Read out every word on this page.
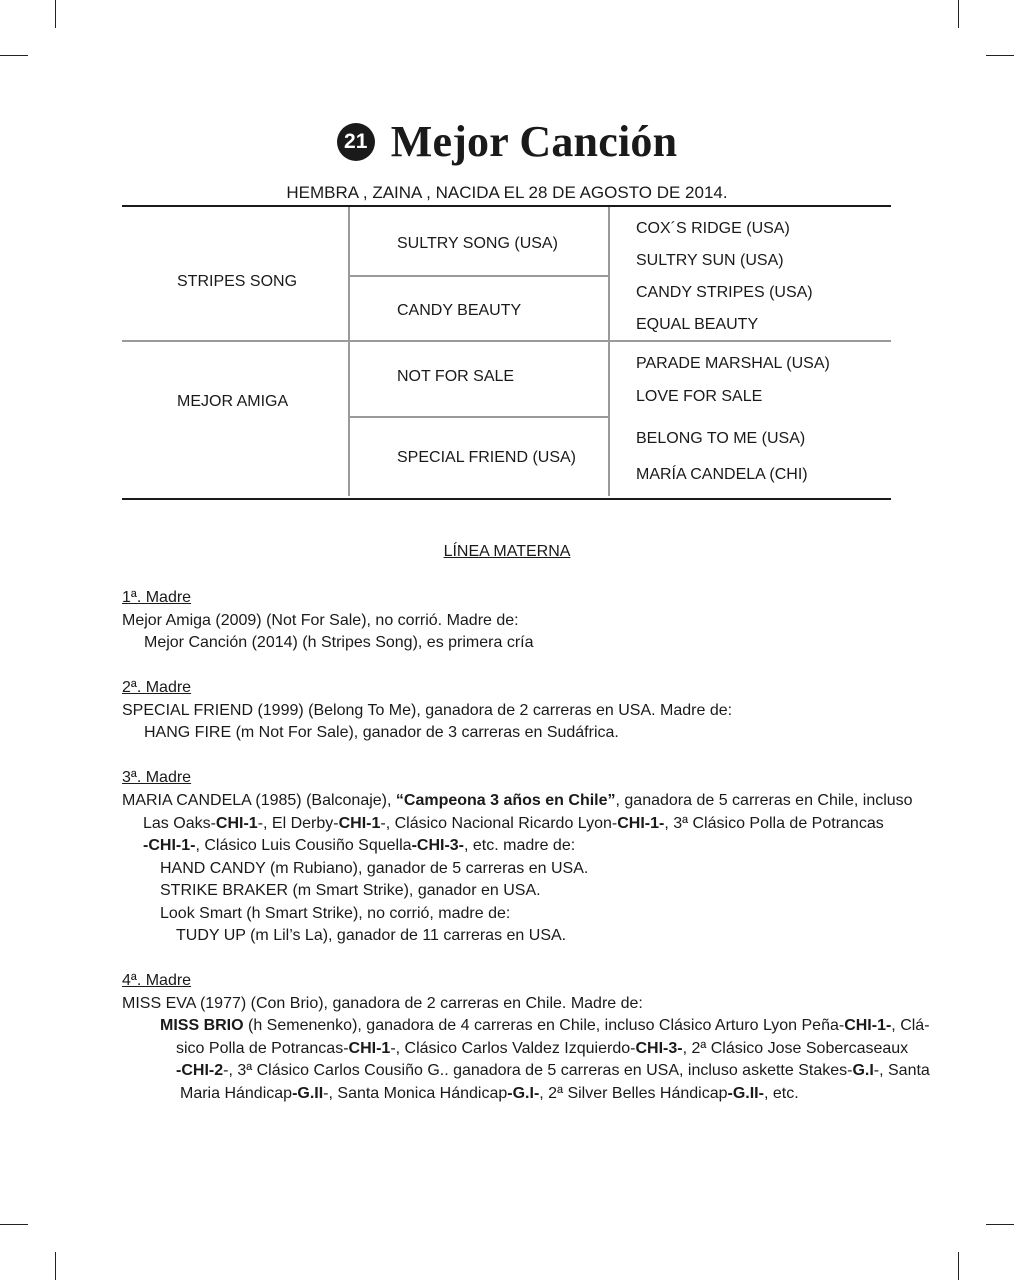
21 Mejor Canción
HEMBRA , ZAINA , NACIDA EL 28 DE AGOSTO DE 2014.
STRIPES SONG
MEJOR AMIGA
SULTRY SONG (USA)
CANDY BEAUTY
NOT FOR SALE
SPECIAL FRIEND (USA)
COX´S RIDGE (USA)
SULTRY SUN (USA)
CANDY STRIPES (USA)
EQUAL BEAUTY
PARADE MARSHAL (USA)
LOVE FOR SALE
BELONG TO ME (USA)
MARÍA CANDELA (CHI)
LÍNEA MATERNA
1ª. Madre
Mejor Amiga (2009) (Not For Sale), no corrió. Madre de:
Mejor Canción (2014) (h Stripes Song), es primera cría
2ª. Madre
SPECIAL FRIEND (1999) (Belong To Me), ganadora de 2 carreras en USA. Madre de:
HANG FIRE (m Not For Sale), ganador de 3 carreras en Sudáfrica.
3ª. Madre
MARIA CANDELA (1985) (Balconaje), “Campeona 3 años en Chile”, ganadora de 5 carreras en Chile, incluso
Las Oaks-CHI-1-, El Derby-CHI-1-, Clásico Nacional Ricardo Lyon-CHI-1-, 3ª Clásico Polla de Potrancas
-CHI-1-, Clásico Luis Cousiño Squella-CHI-3-, etc. madre de:
HAND CANDY (m Rubiano), ganador de 5 carreras en USA.
STRIKE BRAKER (m Smart Strike), ganador en USA.
Look Smart (h Smart Strike), no corrió, madre de:
TUDY UP (m Lil’s La), ganador de 11 carreras en USA.
4ª. Madre
MISS EVA (1977) (Con Brio), ganadora de 2 carreras en Chile. Madre de:
MISS BRIO (h Semenenko), ganadora de 4 carreras en Chile, incluso Clásico Arturo Lyon Peña-CHI-1-, Clá-
sico Polla de Potrancas-CHI-1-, Clásico Carlos Valdez Izquierdo-CHI-3-, 2ª Clásico Jose Sobercaseaux
-CHI-2-, 3ª Clásico Carlos Cousiño G.. ganadora de 5 carreras en USA, incluso askette Stakes-G.I-, Santa
Maria Hándicap-G.II-, Santa Monica Hándicap-G.I-, 2ª Silver Belles Hándicap-G.II-, etc.
